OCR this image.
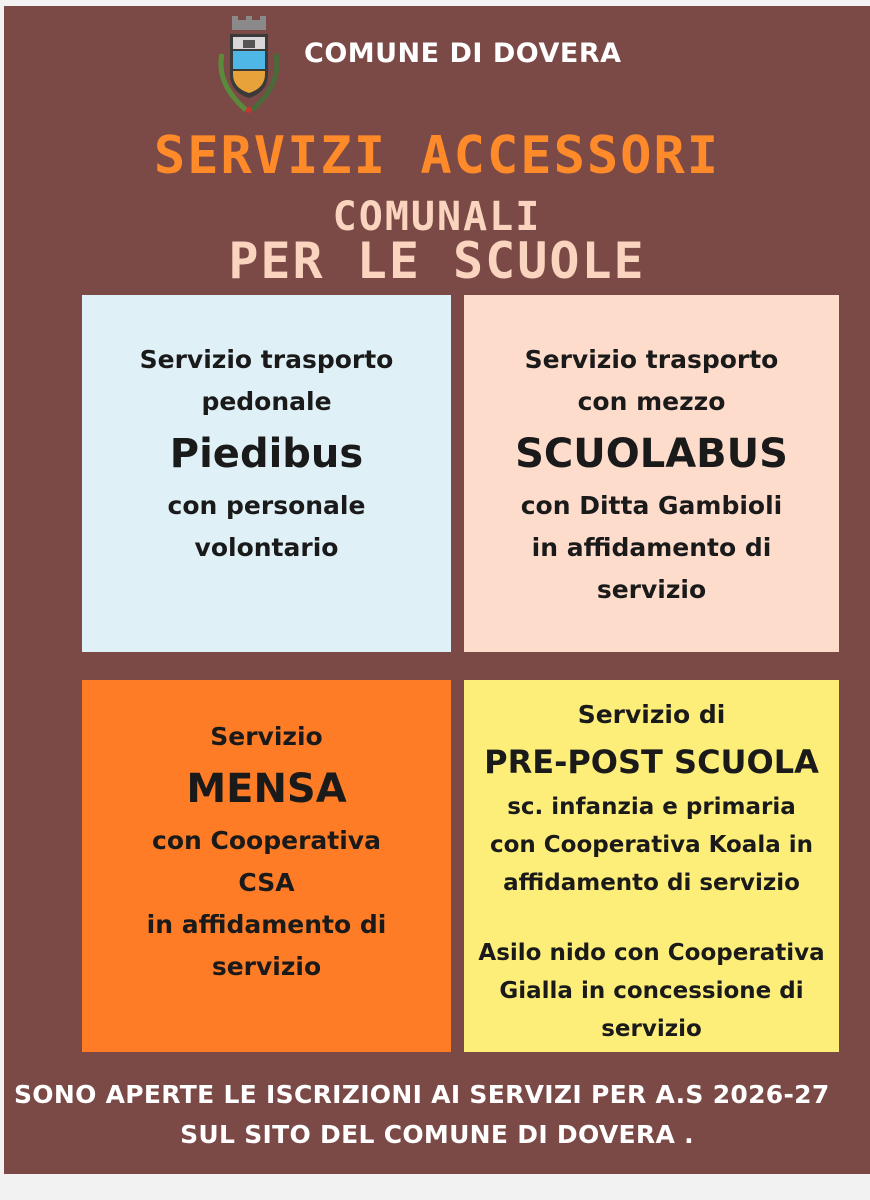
COMUNE DI DOVERA
SERVIZI ACCESSORI
COMUNALI
PER LE SCUOLE
Servizio trasporto
pedonale
Piedibus
con personale
volontario
Servizio trasporto
con mezzo
SCUOLABUS
con Ditta Gambioli
in affidamento di
servizio
Servizio
MENSA
con Cooperativa
CSA
in affidamento di
servizio
Servizio di
PRE-POST SCUOLA
sc. infanzia e primaria
con Cooperativa Koala in
affidamento di servizio
Asilo nido con Cooperativa
Gialla in concessione di
servizio
SONO APERTE LE ISCRIZIONI AI SERVIZI PER A.S 2026-27
SUL SITO DEL COMUNE DI DOVERA .
